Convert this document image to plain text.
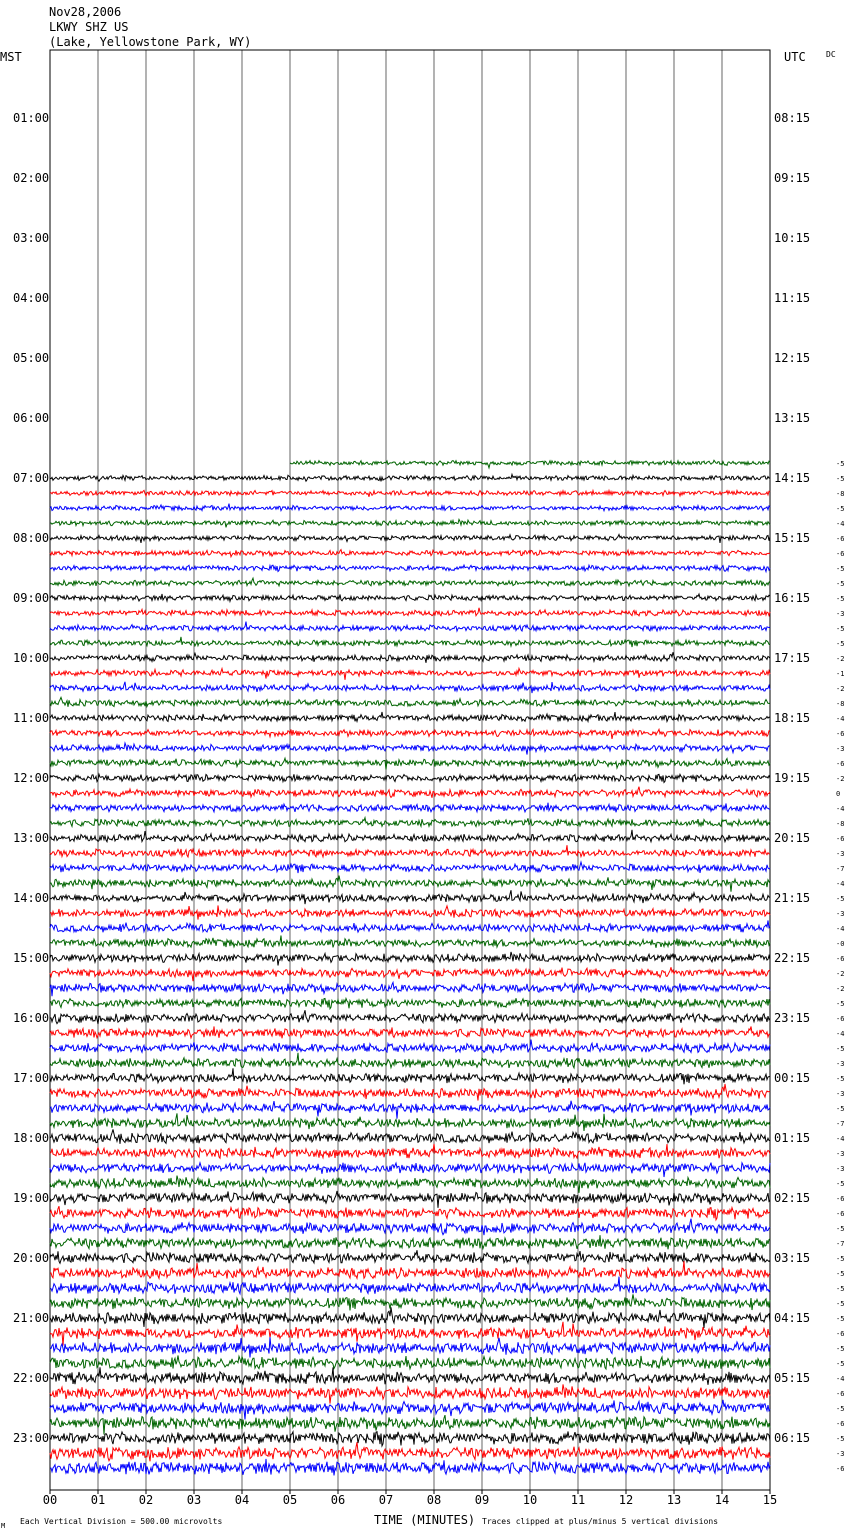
Nov28,2006
LKWY SHZ US
(Lake, Yellowstone Park, WY)
MST	UTC	DC
00	01	02	03	04	05	06	07	08	09	10	11	12	13	14	15
01:00
02:00
03:00
04:00
05:00
06:00
07:00
08:00
09:00
10:00
11:00
12:00
13:00
14:00
15:00
16:00
17:00
18:00
19:00
20:00
21:00
22:00
23:00
08:15
09:15
10:15
11:15
12:15
13:15
14:15
15:15
16:15
17:15
18:15
19:15
20:15
21:15
22:15
23:15
00:15
01:15
02:15
03:15
04:15
05:15
06:15
-5
-5
-8
-5
-4
-6
-6
-5
-5
-5
-3
-5
-5
-2
-1
-2
-8
-4
-6
-3
-6
-2
0
-4
-8
-6
-3
-7
-4
-5
-3
-4
-0
-6
-2
-2
-5
-6
-4
-5
-3
-5
-3
-5
-7
-4
-3
-3
-5
-6
-6
-5
-7
-5
-5
-5
-5
-5
-6
-5
-5
-4
-6
-5
-6
-5
-3
-6
TIME (MINUTES)
Each Vertical Division = 500.00 microvolts	Traces clipped at plus/minus 5 vertical divisions
M
